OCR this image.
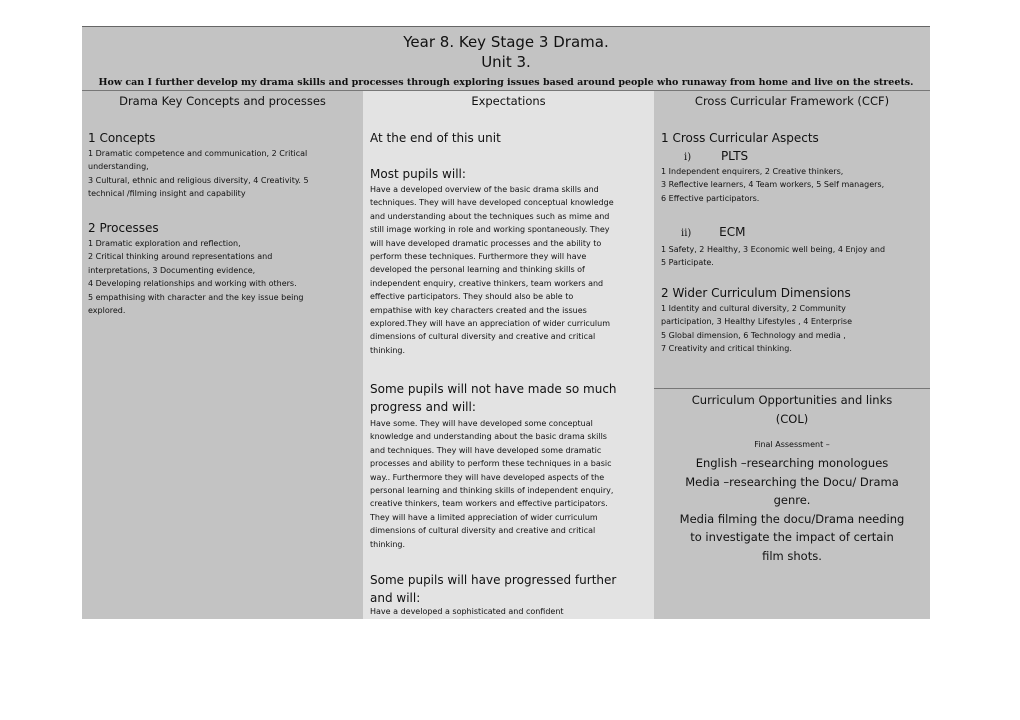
Year 8. Key Stage 3 Drama.
Unit 3.
How can I further develop my drama skills and processes through exploring issues based around people who runaway from home and live on the streets.
Drama Key Concepts and processes
1 Concepts
1 Dramatic competence and communication, 2 Critical
understanding,
3 Cultural, ethnic and religious diversity, 4 Creativity. 5
technical /filming insight and capability
2 Processes
1 Dramatic exploration and reflection,
2 Critical thinking around representations and
interpretations, 3 Documenting evidence,
4 Developing relationships and working with others.
5 empathising with character and the key issue being
explored.
Expectations
At the end of this unit
Most pupils will:
Have a developed overview of the basic drama skills and
techniques. They will have developed conceptual knowledge
and understanding about the techniques such as mime and
still image working in role and working spontaneously. They
will have developed dramatic processes and the ability to
perform these techniques. Furthermore they will have
developed the personal learning and thinking skills of
independent enquiry, creative thinkers, team workers and
effective participators. They should also be able to
empathise with key characters created and the issues
explored.They will have an appreciation of wider curriculum
dimensions of cultural diversity and creative and critical
thinking.
Some pupils will not have made so much
progress and will:
Have some. They will have developed some conceptual
knowledge and understanding about the basic drama skills
and techniques. They will have developed some dramatic
processes and ability to perform these techniques in a basic
way.. Furthermore they will have developed aspects of the
personal learning and thinking skills of independent enquiry,
creative thinkers, team workers and effective participators.
They will have a limited appreciation of wider curriculum
dimensions of cultural diversity and creative and critical
thinking.
Some pupils will have progressed further
and will:
Have a developed a sophisticated and confident
Cross Curricular Framework (CCF)
1 Cross Curricular Aspects
i) PLTS
1 Independent enquirers, 2 Creative thinkers,
3 Reflective learners, 4 Team workers, 5 Self managers,
6 Effective participators.
ii) ECM
1 Safety, 2 Healthy, 3 Economic well being, 4 Enjoy and
5 Participate.
2 Wider Curriculum Dimensions
1 Identity and cultural diversity, 2 Community
participation, 3 Healthy Lifestyles , 4 Enterprise
5 Global dimension, 6 Technology and media ,
7 Creativity and critical thinking.
Curriculum Opportunities and links
(COL)
Final Assessment –
English –researching monologues
Media –researching the Docu/ Drama
genre.
Media filming the docu/Drama needing
to investigate the impact of certain
film shots.
